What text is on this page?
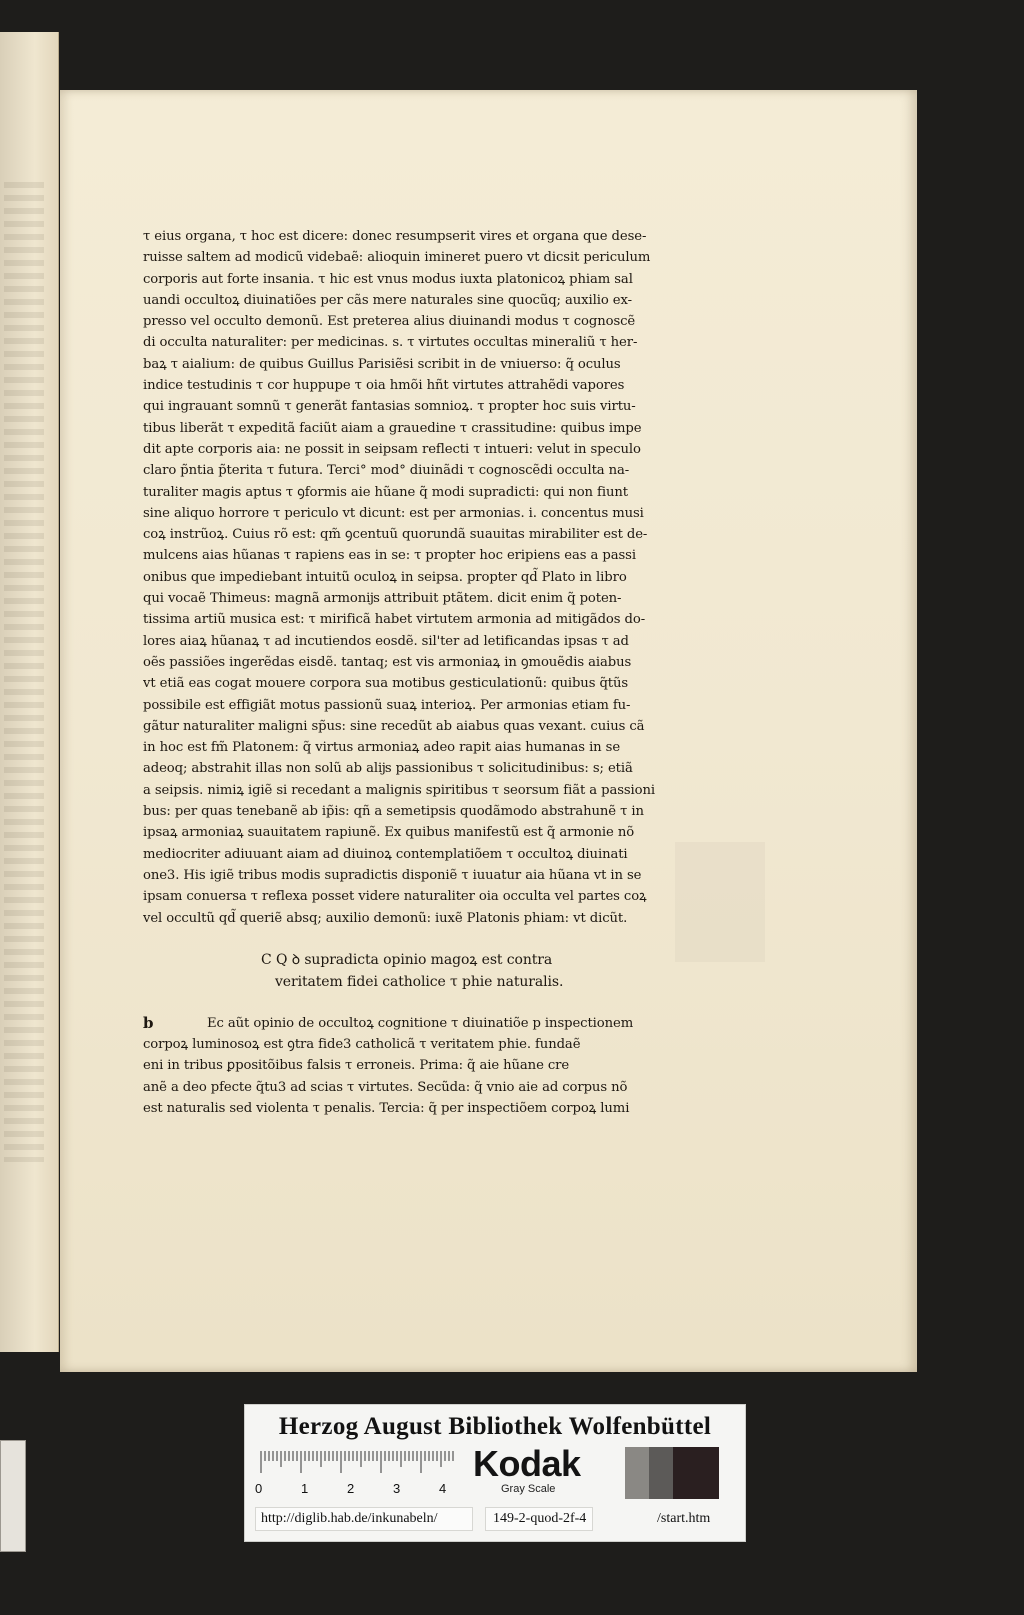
τ eius organa, τ hoc est dicere: donec resumpserit vires et organa que dese-
ruisse saltem ad modicũ videbaẽ: alioquin imineret puero vt dicsit periculum
corporis aut forte insania. τ hic est vnus modus iuxta platonicoꝝ phiam sal
uandi occultoꝝ diuinatiões per cãs mere naturales sine quocũq; auxilio ex-
presso vel occulto demonũ. Est preterea alius diuinandi modus τ cognoscẽ
di occulta naturaliter: per medicinas. s. τ virtutes occultas mineraliũ τ her-
baꝝ τ aialium: de quibus Guillus Parisiẽsi scribit in de vniuerso: q̃ oculus
indice testudinis τ cor huppupe τ oia hmõi hñt virtutes attrahẽdi vapores
qui ingrauant somnũ τ generãt fantasias somnioꝝ. τ propter hoc suis virtu-
tibus liberãt τ expeditã faciũt aiam a grauedine τ crassitudine: quibus impe
dit apte corporis aia: ne possit in seipsam reflecti τ intueri: velut in speculo
claro p̃ntia p̃terita τ futura. Terci° mod° diuinãdi τ cognoscẽdi occulta na-
turaliter magis aptus τ ꝯformis aie hũane q̃ modi supradicti: qui non fiunt
sine aliquo horrore τ periculo vt dicunt: est per armonias. i. concentus musi
coꝝ instrũoꝝ. Cuius rõ est: qm̃ ꝯcentuũ quorundã suauitas mirabiliter est de-
mulcens aias hũanas τ rapiens eas in se: τ propter hoc eripiens eas a passi
onibus que impediebant intuitũ oculoꝝ in seipsa. propter qd̃ Plato in libro
qui vocaẽ Thimeus: magnã armonĳs attribuit ptãtem. dicit enim q̃ poten-
tissima artiũ musica est: τ mirificã habet virtutem armonia ad mitigãdos do-
lores aiaꝝ hũanaꝝ τ ad incutiendos eosdẽ. sil'ter ad letificandas ipsas τ ad
oẽs passiões ingerẽdas eisdẽ. tantaq; est vis armoniaꝝ in ꝯmouẽdis aiabus
vt etiã eas cogat mouere corpora sua motibus gesticulationũ: quibus q̃tũs
possibile est effigiãt motus passionũ suaꝝ interioꝝ. Per armonias etiam fu-
gãtur naturaliter maligni sp̃us: sine recedũt ab aiabus quas vexant. cuius cã
in hoc est fm̃ Platonem: q̃ virtus armoniaꝝ adeo rapit aias humanas in se
adeoq; abstrahit illas non solũ ab alĳs passionibus τ solicitudinibus: s; etiã
a seipsis. nimiꝝ igiẽ si recedant a malignis spiritibus τ seorsum fiãt a passioni
bus: per quas tenebanẽ ab ip̃is: qñ a semetipsis quodãmodo abstrahunẽ τ in
ipsaꝝ armoniaꝝ suauitatem rapiunẽ. Ex quibus manifestũ est q̃ armonie nõ
mediocriter adiuuant aiam ad diuinoꝝ contemplatiõem τ occultoꝝ diuinati
one3. His igiẽ tribus modis supradictis disponiẽ τ iuuatur aia hũana vt in se
ipsam conuersa τ reflexa posset videre naturaliter oia occulta vel partes coꝝ
vel occultũ qd̃ queriẽ absq; auxilio demonũ: iuxẽ Platonis phiam: vt dicũt.
C Q ꝺ supradicta opinio magoꝝ est contra
veritatem fidei catholice τ phie naturalis.
b	Ec aũt opinio de occultoꝝ cognitione τ diuinatiõe p inspectionem
corpoꝝ luminosoꝝ est ꝯtra fide3 catholicã τ veritatem phie. fundaẽ
eni in tribus ꝑpositõibus falsis τ erroneis. Prima: q̃ aie hũane cre
anẽ a deo pfecte q̃tu3 ad scias τ virtutes. Secũda: q̃ vnio aie ad corpus nõ
est naturalis sed violenta τ penalis. Tercia: q̃ per inspectiõem corpoꝝ lumi
Herzog August Bibliothek Wolfenbüttel
0	1	2	3	4
Kodak
Gray Scale
http://diglib.hab.de/inkunabeln/	149-2-quod-2f-4	/start.htm
